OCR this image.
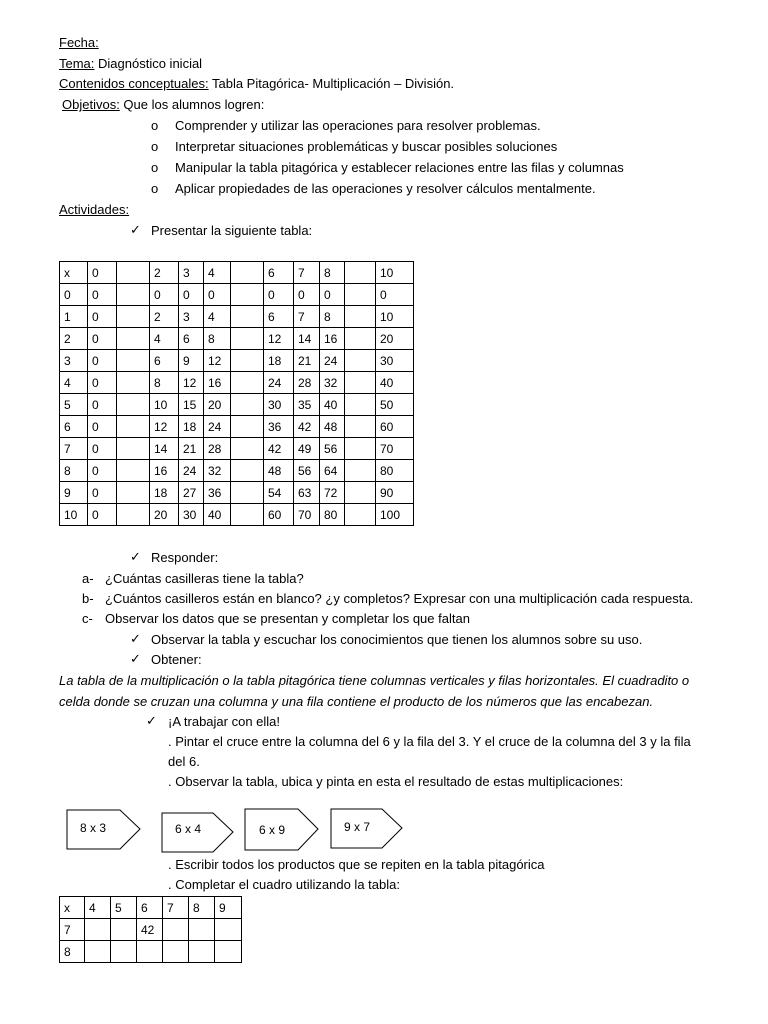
Fecha:
Tema: Diagnóstico inicial
Contenidos conceptuales: Tabla Pitagórica- Multiplicación – División.
Objetivos: Que los alumnos logren:
o Comprender y utilizar las operaciones para resolver problemas.
o Interpretar situaciones problemáticas y buscar posibles soluciones
o Manipular la tabla pitagórica y establecer relaciones entre las filas y columnas
o Aplicar propiedades de las operaciones y resolver cálculos mentalmente.
Actividades:
✓ Presentar la siguiente tabla:
x	0		2	3	4		6	7	8		10
0	0		0	0	0		0	0	0		0
1	0		2	3	4		6	7	8		10
2	0		4	6	8		12	14	16		20
3	0		6	9	12		18	21	24		30
4	0		8	12	16		24	28	32		40
5	0		10	15	20		30	35	40		50
6	0		12	18	24		36	42	48		60
7	0		14	21	28		42	49	56		70
8	0		16	24	32		48	56	64		80
9	0		18	27	36		54	63	72		90
10	0		20	30	40		60	70	80		100
✓ Responder:
a- ¿Cuántas casilleras tiene la tabla?
b- ¿Cuántos casilleros están en blanco? ¿y completos? Expresar con una multiplicación cada respuesta.
c- Observar los datos que se presentan y completar los que faltan
✓ Observar la tabla y escuchar los conocimientos que tienen los alumnos sobre su uso.
✓ Obtener:
La tabla de la multiplicación o la tabla pitagórica tiene columnas verticales y filas horizontales. El cuadradito o celda donde se cruzan una columna y una fila contiene el producto de los números que las encabezan.
✓ ¡A trabajar con ella!
. Pintar el cruce entre la columna del 6 y la fila del 3. Y el cruce de la columna del 3 y la fila
del 6.
. Observar la tabla, ubica y pinta en esta el resultado de estas multiplicaciones:
8 x 3	6 x 4	6 x 9	9 x 7
. Escribir todos los productos que se repiten en la tabla pitagórica
. Completar el cuadro utilizando la tabla:
x	4	5	6	7	8	9
7			42			
8						
